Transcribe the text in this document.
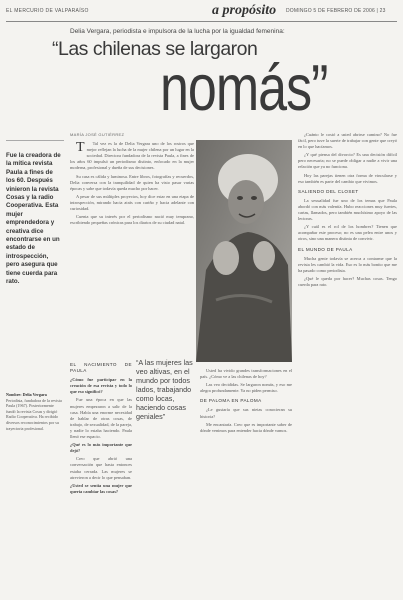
EL MERCURIO DE VALPARAÍSO	a propósito DOMINGO 5 DE FEBRERO DE 2006 | 23
Delia Vergara, periodista e impulsora de la lucha por la igualdad femenina:
“Las chilenas se largaron
nomás”
Fue la creadora de la mítica revista Paula a fines de los 60. Después vinieron la revista Cosas y la radio Cooperativa. Esta mujer emprendedora y creativa dice encontrarse en un estado de introspección, pero asegura que tiene cuerda para rato.
Nombre: Delia Vergara Periodista, fundadora de la revista Paula (1967). Posteriormente fundó la revista Cosas y dirigió Radio Cooperativa. Ha recibido diversos reconocimientos por su trayectoria profesional.
MARÍA JOSÉ GUTIÉRREZ

T Tal vez es la de Delia Vergara uno de los rostros que mejor reflejan la lucha de la mujer chilena por un lugar en la sociedad. Directora fundadora de la revista Paula, a fines de los años 60 impulsó un periodismo distinto, enfocado en la mujer moderna, profesional y dueña de sus decisiones.

Su casa es cálida y luminosa. Entre libros, fotografías y recuerdos, Delia conversa con la tranquilidad de quien ha visto pasar varias épocas y sabe que todavía queda mucho por hacer.

A pesar de sus múltiples proyectos, hoy dice estar en una etapa de introspección, mirando hacia atrás con cariño y hacia adelante con curiosidad.

Cuenta que su interés por el periodismo nació muy temprano, escribiendo pequeñas crónicas para los diarios de su ciudad natal.

“A las mujeres las veo altivas, en el mundo por todos lados, trabajando como locas, haciendo cosas geniales”
EL NACIMIENTO DE PAULA

¿Cómo fue participar en la creación de esa revista y todo lo que eso significó?

Fue una época en que las mujeres empezaron a salir de la casa. Había una enorme necesidad de hablar de otras cosas, de trabajo, de sexualidad, de la pareja, y nadie lo estaba haciendo. Paula llenó ese espacio.

¿Qué es lo más importante que dejó?

Creo que abrió una conversación que hasta entonces estaba cerrada. Las mujeres se atrevieron a decir lo que pensaban.

¿Usted se sentía una mujer que quería cambiar las cosas?

Usted ha vivido grandes transformaciones en el país. ¿Cómo ve a las chilenas de hoy?

Las veo decididas. Se largaron nomás, y eso me alegra profundamente. Ya no piden permiso.

DE PALOMA EN PALOMA

¿Le gustaría que sus nietas conocieran su historia?

Me encantaría. Creo que es importante saber de dónde venimos para entender hacia dónde vamos.

¿Cuánto le costó a usted abrirse camino? No fue fácil, pero tuve la suerte de trabajar con gente que creyó en lo que hacíamos.

¿Y qué piensa del divorcio? Es una decisión difícil pero necesaria; no se puede obligar a nadie a vivir una relación que ya no funciona.

Hoy las parejas tienen otra forma de vincularse y eso también es parte del cambio que vivimos.

SALIENDO DEL CLOSET

La sexualidad fue uno de los temas que Paula abordó con más valentía. Hubo reacciones muy fuertes, cartas, llamados, pero también muchísimo apoyo de las lectoras.

¿Y cuál es el rol de los hombres? Tienen que acompañar este proceso; no es una pelea entre unos y otros, sino una manera distinta de convivir.

EL MUNDO DE PAULA

Mucha gente todavía se acerca a contarme que la revista les cambió la vida. Eso es lo más bonito que me ha pasado como periodista.

¿Qué le queda por hacer? Muchas cosas. Tengo cuerda para rato.
